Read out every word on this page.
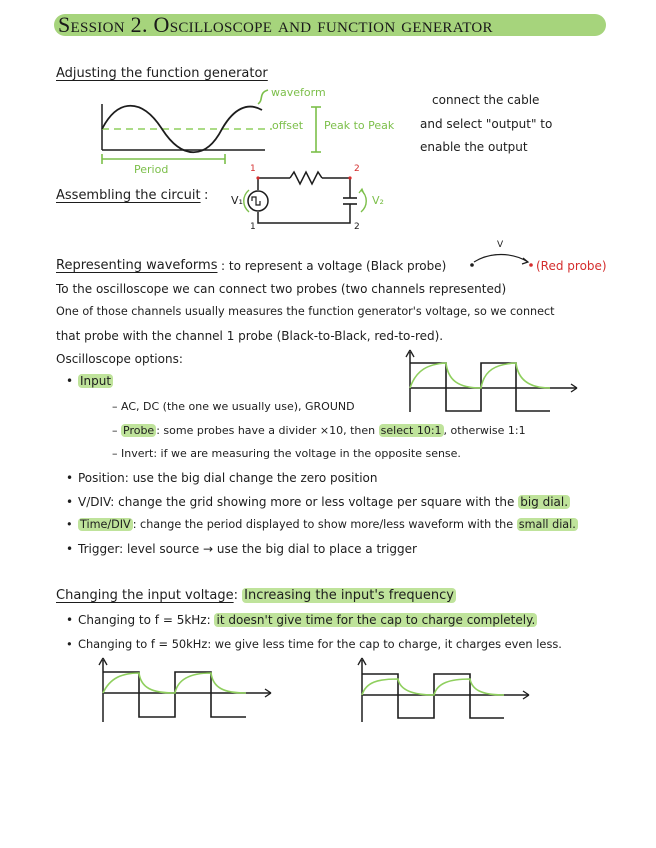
Session 2. Oscilloscope and function generator
Adjusting the function generator
waveform
offset Peak to Peak
Period
connect the cable
and select "output" to
enable the output
Assembling the circuit : V₁	V₂
1	2
1	2
Representing waveforms : to represent a voltage (Black probe)
V
(Red probe)
To the oscilloscope we can connect two probes (two channels represented)
One of those channels usually measures the function generator's voltage, so we connect
that probe with the channel 1 probe (Black-to-Black, red-to-red).
Oscilloscope options:
• Input
– AC, DC (the one we usually use), GROUND
– Probe : some probes have a divider ×10, then select 10:1 , otherwise 1:1
– Invert: if we are measuring the voltage in the opposite sense.
• Position: use the big dial change the zero position
• V/DIV: change the grid showing more or less voltage per square with the big dial.
• Time/DIV : change the period displayed to show more/less waveform with the small dial.
• Trigger: level source → use the big dial to place a trigger
Changing the input voltage: Increasing the input's frequency
• Changing to f = 5kHz: it doesn't give time for the cap to charge completely.
• Changing to f = 50kHz: we give less time for the cap to charge, it charges even less.
